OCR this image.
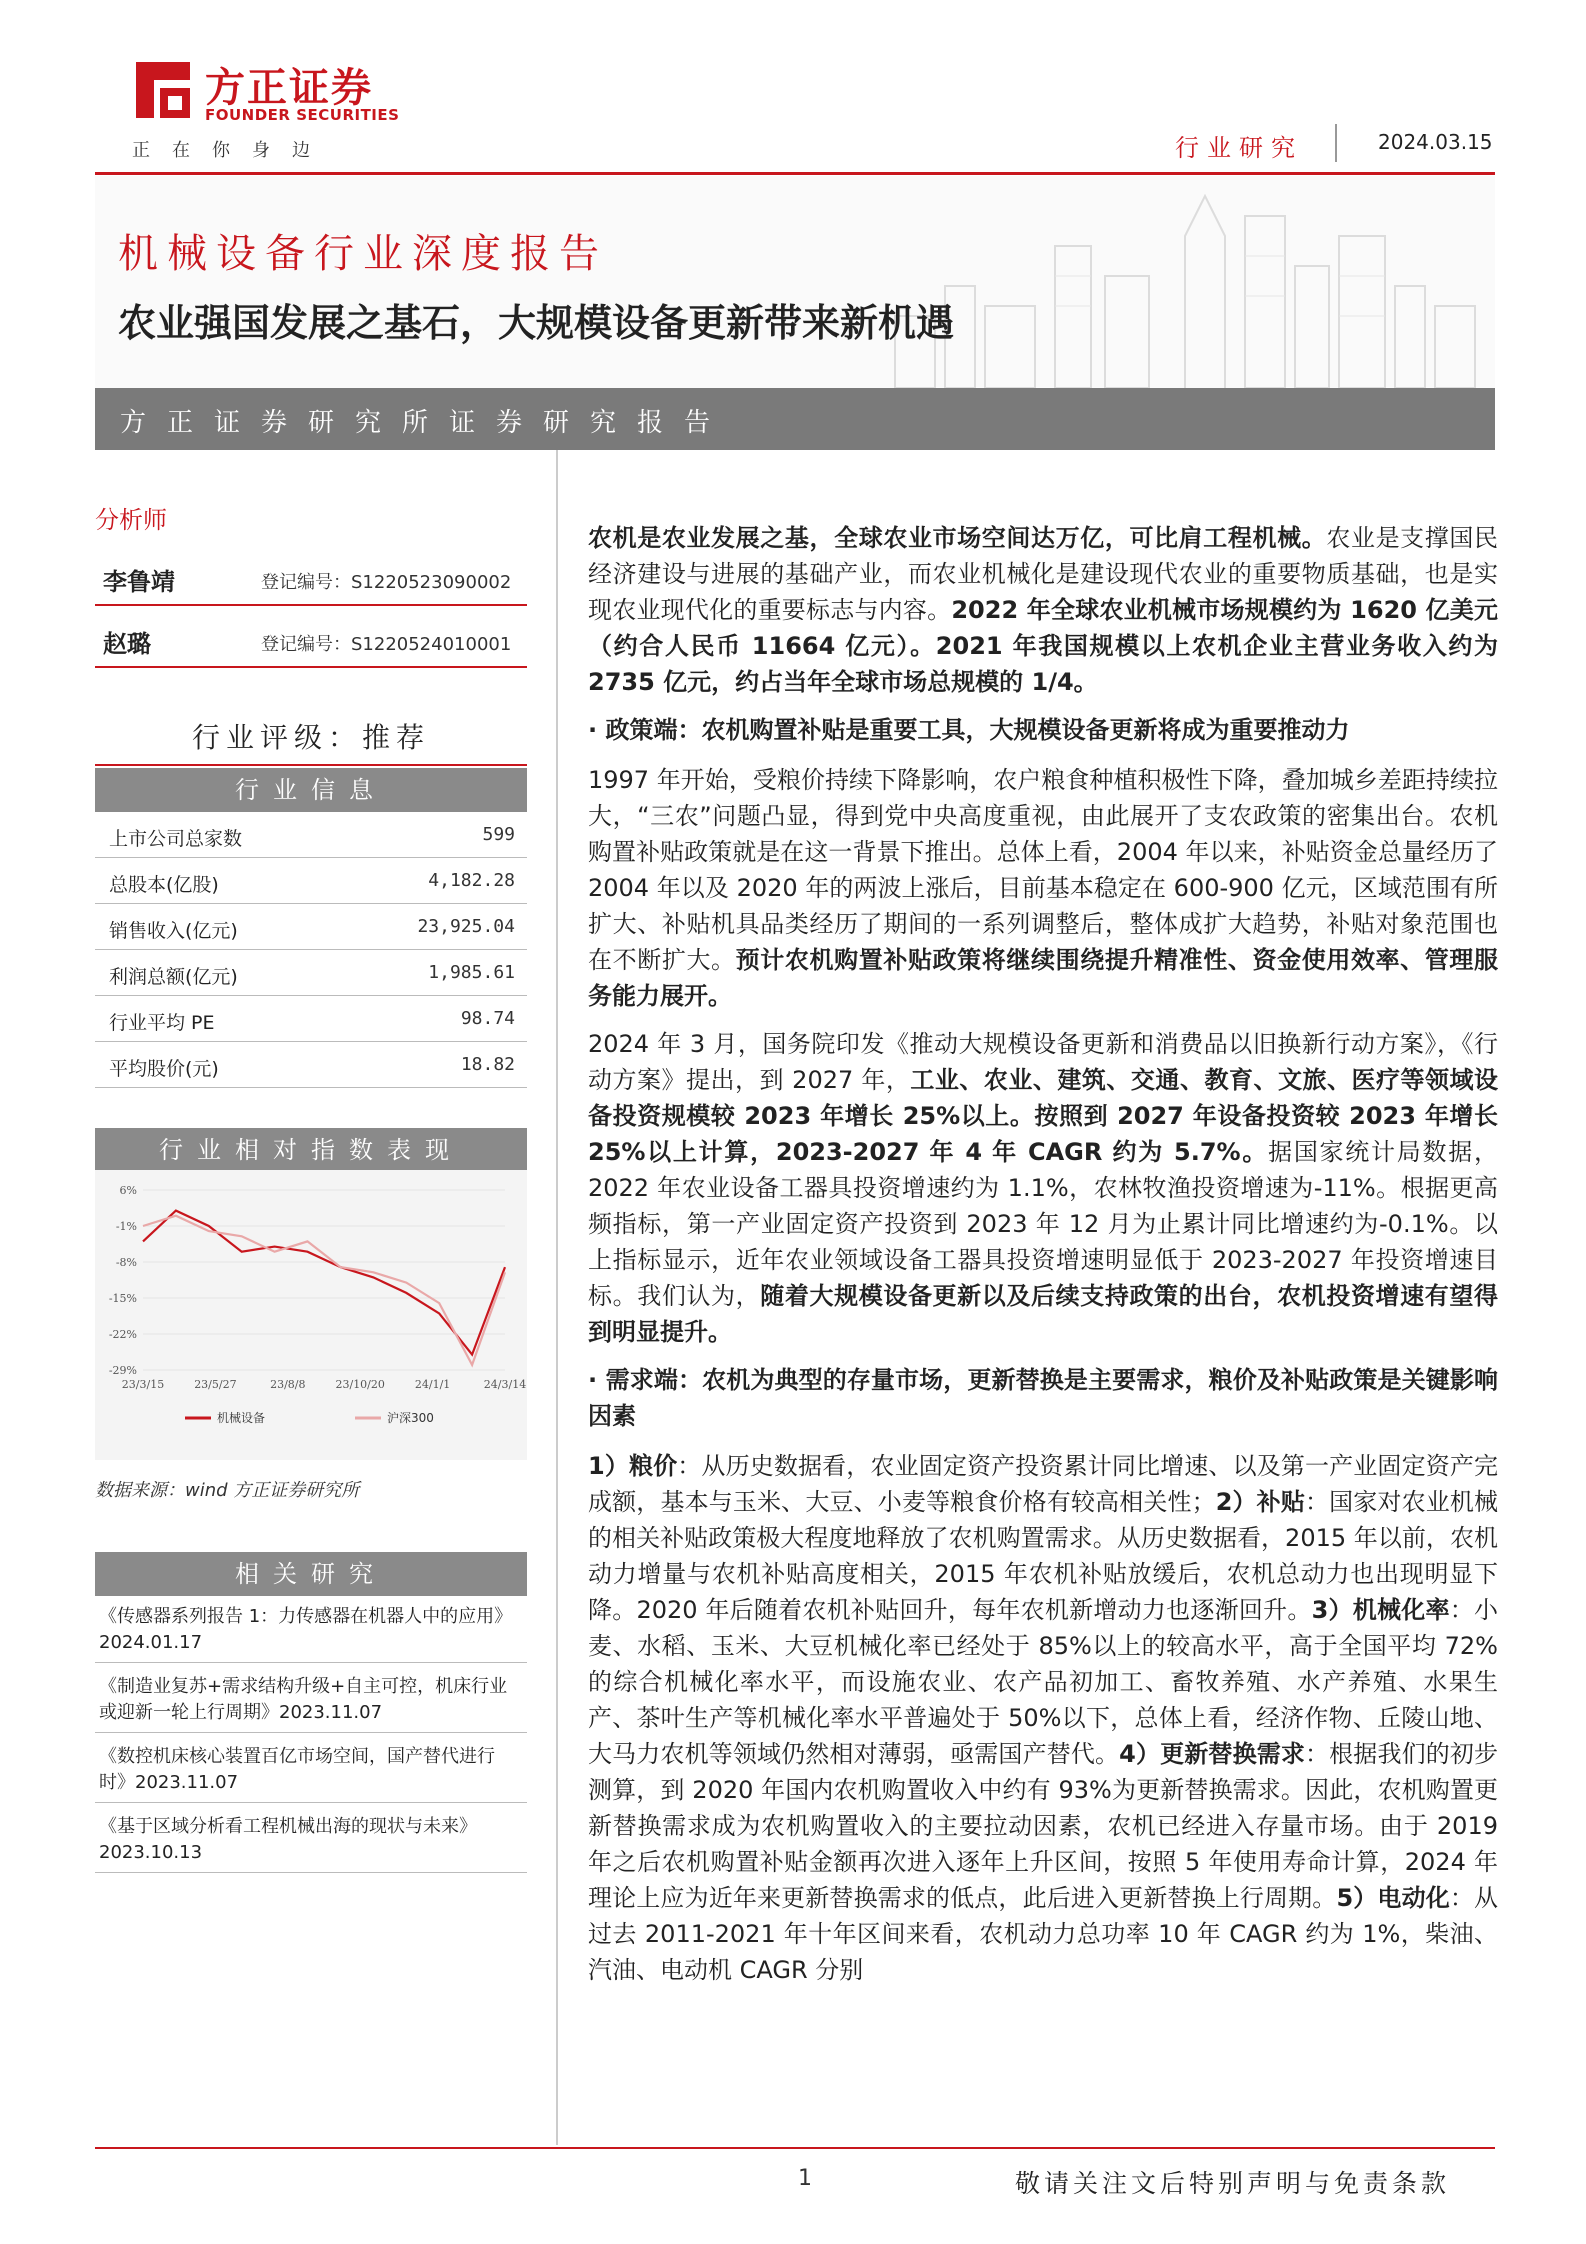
方正证券
FOUNDER SECURITIES
正在你身边	行业研究	2024.03.15
机械设备行业深度报告
农业强国发展之基石，大规模设备更新带来新机遇
方正证券研究所证券研究报告
分析师
李鲁靖	登记编号：S1220523090002
赵璐	登记编号：S1220524010001
行业评级：推荐
行业信息
上市公司总家数	599
总股本(亿股)	4,182.28
销售收入(亿元)	23,925.04
利润总额(亿元)	1,985.61
行业平均 PE	98.74
平均股价(元)	18.82
行业相对指数表现
6%
-1%
-8%
-15%
-22%
-29%
23/3/15	23/5/27	23/8/8	23/10/20	24/1/1	24/3/14
机械设备	沪深300
数据来源：wind 方正证券研究所
相关研究
《传感器系列报告 1：力传感器在机器人中的应用》2024.01.17
《制造业复苏+需求结构升级+自主可控，机床行业或迎新一轮上行周期》2023.11.07
《数控机床核心装置百亿市场空间，国产替代进行时》2023.11.07
《基于区域分析看工程机械出海的现状与未来》2023.10.13

农机是农业发展之基，全球农业市场空间达万亿，可比肩工程机械。农业是支撑国民经济建设与进展的基础产业，而农业机械化是建设现代农业的重要物质基础，也是实现农业现代化的重要标志与内容。2022 年全球农业机械市场规模约为 1620 亿美元（约合人民币 11664 亿元）。2021 年我国规模以上农机企业主营业务收入约为 2735 亿元，约占当年全球市场总规模的 1/4。

· 政策端：农机购置补贴是重要工具，大规模设备更新将成为重要推动力

1997 年开始，受粮价持续下降影响，农户粮食种植积极性下降，叠加城乡差距持续拉大，“三农”问题凸显，得到党中央高度重视，由此展开了支农政策的密集出台。农机购置补贴政策就是在这一背景下推出。总体上看，2004 年以来，补贴资金总量经历了 2004 年以及 2020 年的两波上涨后，目前基本稳定在 600-900 亿元，区域范围有所扩大、补贴机具品类经历了期间的一系列调整后，整体成扩大趋势，补贴对象范围也在不断扩大。预计农机购置补贴政策将继续围绕提升精准性、资金使用效率、管理服务能力展开。

2024 年 3 月，国务院印发《推动大规模设备更新和消费品以旧换新行动方案》，《行动方案》提出，到 2027 年，工业、农业、建筑、交通、教育、文旅、医疗等领域设备投资规模较 2023 年增长 25%以上。按照到 2027 年设备投资较 2023 年增长 25%以上计算，2023-2027 年 4 年 CAGR 约为 5.7%。据国家统计局数据，2022 年农业设备工器具投资增速约为 1.1%，农林牧渔投资增速为-11%。根据更高频指标，第一产业固定资产投资到 2023 年 12 月为止累计同比增速约为-0.1%。以上指标显示，近年农业领域设备工器具投资增速明显低于 2023-2027 年投资增速目标。我们认为，随着大规模设备更新以及后续支持政策的出台，农机投资增速有望得到明显提升。

· 需求端：农机为典型的存量市场，更新替换是主要需求，粮价及补贴政策是关键影响因素

1）粮价：从历史数据看，农业固定资产投资累计同比增速、以及第一产业固定资产完成额，基本与玉米、大豆、小麦等粮食价格有较高相关性；2）补贴：国家对农业机械的相关补贴政策极大程度地释放了农机购置需求。从历史数据看，2015 年以前，农机动力增量与农机补贴高度相关，2015 年农机补贴放缓后，农机总动力也出现明显下降。2020 年后随着农机补贴回升，每年农机新增动力也逐渐回升。3）机械化率：小麦、水稻、玉米、大豆机械化率已经处于 85%以上的较高水平，高于全国平均 72%的综合机械化率水平，而设施农业、农产品初加工、畜牧养殖、水产养殖、水果生产、茶叶生产等机械化率水平普遍处于 50%以下，总体上看，经济作物、丘陵山地、大马力农机等领域仍然相对薄弱，亟需国产替代。4）更新替换需求：根据我们的初步测算，到 2020 年国内农机购置收入中约有 93%为更新替换需求。因此，农机购置更新替换需求成为农机购置收入的主要拉动因素，农机已经进入存量市场。由于 2019 年之后农机购置补贴金额再次进入逐年上升区间，按照 5 年使用寿命计算，2024 年理论上应为近年来更新替换需求的低点，此后进入更新替换上行周期。5）电动化：从过去 2011-2021 年十年区间来看，农机动力总功率 10 年 CAGR 约为 1%，柴油、汽油、电动机 CAGR 分别

1	敬请关注文后特别声明与免责条款
